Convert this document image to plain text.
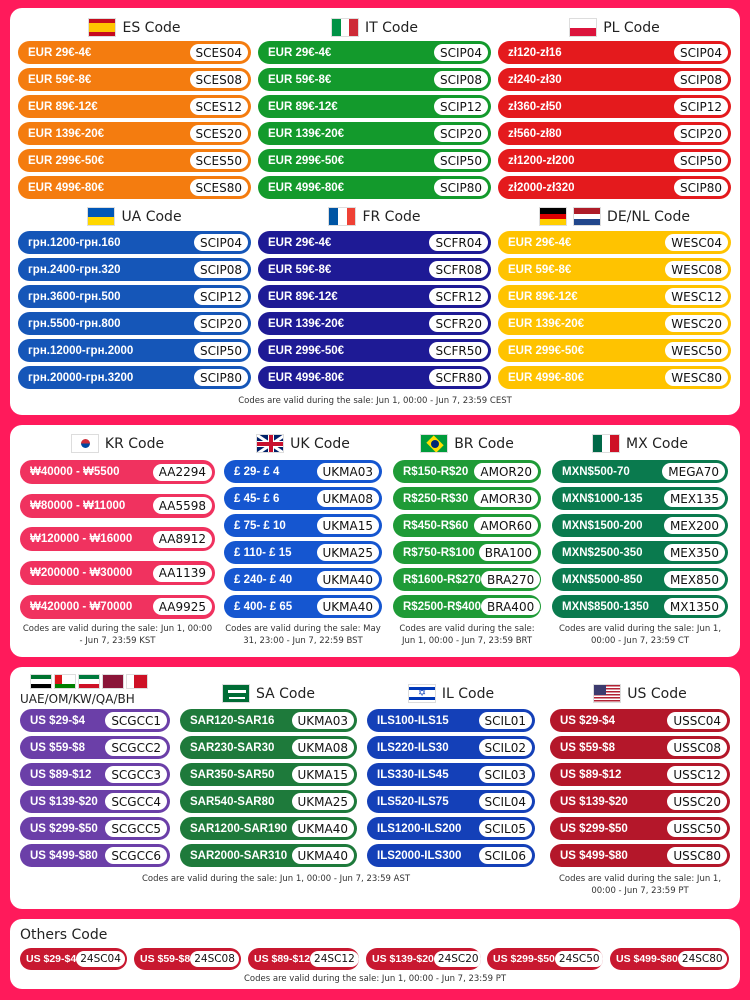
ES Code
EUR 29€-4€	SCES04
EUR 59€-8€	SCES08
EUR 89€-12€	SCES12
EUR 139€-20€	SCES20
EUR 299€-50€	SCES50
EUR 499€-80€	SCES80
IT Code
EUR 29€-4€	SCIP04
EUR 59€-8€	SCIP08
EUR 89€-12€	SCIP12
EUR 139€-20€	SCIP20
EUR 299€-50€	SCIP50
EUR 499€-80€	SCIP80
PL Code
zł120-zł16	SCIP04
zł240-zł30	SCIP08
zł360-zł50	SCIP12
zł560-zł80	SCIP20
zł1200-zł200	SCIP50
zł2000-zł320	SCIP80
UA Code
грн.1200-грн.160	SCIP04
грн.2400-грн.320	SCIP08
грн.3600-грн.500	SCIP12
грн.5500-грн.800	SCIP20
грн.12000-грн.2000	SCIP50
грн.20000-грн.3200	SCIP80
FR Code
EUR 29€-4€	SCFR04
EUR 59€-8€	SCFR08
EUR 89€-12€	SCFR12
EUR 139€-20€	SCFR20
EUR 299€-50€	SCFR50
EUR 499€-80€	SCFR80
DE/NL Code
EUR 29€-4€	WESC04
EUR 59€-8€	WESC08
EUR 89€-12€	WESC12
EUR 139€-20€	WESC20
EUR 299€-50€	WESC50
EUR 499€-80€	WESC80
Codes are valid during the sale: Jun 1, 00:00 - Jun 7, 23:59 CEST
KR Code
Codes are valid during the sale: Jun 1, 00:00 - Jun 7, 23:59 KST
₩40000 - ₩5500	AA2294
₩80000 - ₩11000	AA5598
₩120000 - ₩16000	AA8912
₩200000 - ₩30000	AA1139
₩420000 - ₩70000	AA9925
UK Code
Codes are valid during the sale: May 31, 23:00 - Jun 7, 22:59 BST
£ 29- £ 4	UKMA03
£ 45- £ 6	UKMA08
£ 75- £ 10	UKMA15
£ 110- £ 15	UKMA25
£ 240- £ 40	UKMA40
£ 400- £ 65	UKMA40
BR Code
Codes are valid during the sale: Jun 1, 00:00 - Jun 7, 23:59 BRT
R$150-R$20	AMOR20
R$250-R$30	AMOR30
R$450-R$60	AMOR60
R$750-R$100 BRA100
R$1600-R$270 BRA270
R$2500-R$400 BRA400
MX Code
Codes are valid during the sale: Jun 1, 00:00 - Jun 7, 23:59 CT
MXN$500-70	MEGA70
MXN$1000-135	MEX135
MXN$1500-200	MEX200
MXN$2500-350	MEX350
MXN$5000-850	MEX850
MXN$8500-1350	MX1350
UAE/OM/KW/QA/BH
US $29-$4	SCGCC1
US $59-$8	SCGCC2
US $89-$12	SCGCC3
US $139-$20	SCGCC4
US $299-$50	SCGCC5
US $499-$80	SCGCC6
SA Code
SAR120-SAR16	UKMA03
SAR230-SAR30	UKMA08
SAR350-SAR50	UKMA15
SAR540-SAR80	UKMA25
SAR1200-SAR190 UKMA40
SAR2000-SAR310 UKMA40
✡ IL Code
ILS100-ILS15	SCIL01
ILS220-ILS30	SCIL02
ILS330-ILS45	SCIL03
ILS520-ILS75	SCIL04
ILS1200-ILS200	SCIL05
ILS2000-ILS300	SCIL06
US Code
Codes are valid during the sale: Jun 1, 00:00 - Jun 7, 23:59 PT
US $29-$4	USSC04
US $59-$8	USSC08
US $89-$12	USSC12
US $139-$20	USSC20
US $299-$50	USSC50
US $499-$80	USSC80
Codes are valid during the sale: Jun 1, 00:00 - Jun 7, 23:59 AST
Others Code
Codes are valid during the sale: Jun 1, 00:00 - Jun 7, 23:59 PT
US $29-$4 24SC04	US $59-$8 24SC08	US $89-$12 24SC12	US $139-$20 24SC20	US $299-$50 24SC50	US $499-$80 24SC80
